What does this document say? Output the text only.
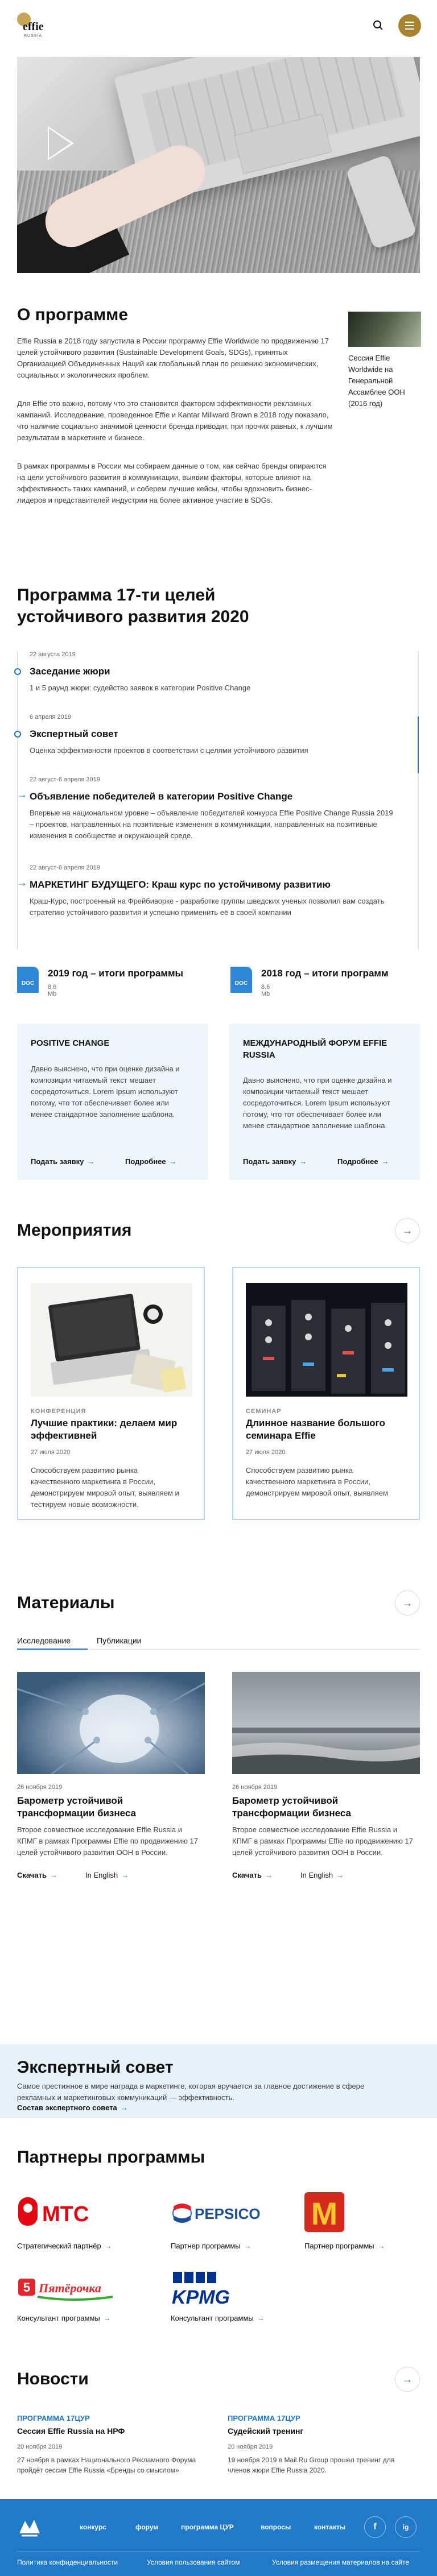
effie
RUSSIA
О программе
Effie Russia в 2018 году запустила в России программу Effie Worldwide по продвижению 17 целей устойчивого развития (Sustainable Development Goals, SDGs), принятых Организацией Объединенных Наций как глобальный план по решению экономических, социальных и экологических проблем.
Для Effie это важно, потому что это становится фактором эффективности рекламных кампаний. Исследование, проведенное Effie и Kantar Millward Brown в 2018 году показало, что наличие социально значимой ценности бренда приводит, при прочих равных, к лучшим результатам в маркетинге и бизнесе.
В рамках программы в России мы собираем данные о том, как сейчас бренды опираются на цели устойчивого развития в коммуникации, выявим факторы, которые влияют на эффективность таких кампаний, и соберем лучшие кейсы, чтобы вдохновить бизнес-лидеров и представителей индустрии на более активное участие в SDGs.
Сессия Effie Worldwide на Генеральной Ассамблее ООН (2016 год)
Программа 17-ти целей устойчивого развития 2020
22 августа 2019
Заседание жюри
1 и 5 раунд жюри: судейство заявок в категории Positive Change
6 апреля 2019
Экспертный совет
Оценка эффективности проектов в соответствии с целями устойчивого развития
22 август-6 апреля 2019
→ Объявление победителей в категории Positive Change
Впервые на национальном уровне – объявление победителей конкурса Effie Positive Change Russia 2019 – проектов, направленных на позитивные изменения в коммуникации, направленных на позитивные изменения в сообществе и окружающей среде.
22 август-6 апреля 2019
→ МАРКЕТИНГ БУДУЩЕГО: Краш курс по устойчивому развитию
Краш-Курс, построенный на Фрейбиворке - разработке группы шведских ученых позволил вам создать стратегию устойчивого развития и успешно применить её в своей компании
DOC
2019 год – итоги программы
8.6 Mb
DOC
2018 год – итоги программ
8.6 Mb
POSITIVE CHANGE
Давно выяснено, что при оценке дизайна и композиции читаемый текст мешает сосредоточиться. Lorem Ipsum используют потому, что тот обеспечивает более или менее стандартное заполнение шаблона.
Подать заявку →	Подробнее →
МЕЖДУНАРОДНЫЙ ФОРУМ EFFIE RUSSIA
Давно выяснено, что при оценке дизайна и композиции читаемый текст мешает сосредоточиться. Lorem Ipsum используют потому, что тот обеспечивает более или менее стандартное заполнение шаблона.
Подать заявку →	Подробнее →
Мероприятия	→
КОНФЕРЕНЦИЯ
Лучшие практики: делаем мир эффективней
27 июля 2020
Способствуем развитию рынка качественного маркетинга в России, демонстрируем мировой опыт, выявляем и тестируем новые возможности.
СЕМИНАР
Длинное название большого семинара Effie
27 июля 2020
Способствуем развитию рынка качественного маркетинга в России, демонстрируем мировой опыт, выявляем
Материалы	→
Исследование	Публикации
26 ноября 2019
Барометр устойчивой трансформации бизнеса
Второе совместное исследование Effie Russia и КПМГ в рамках Программы Effie по продвижению 17 целей устойчивого развития ООН в России.
Скачать →	In English →
26 ноября 2019
Барометр устойчивой трансформации бизнеса
Второе совместное исследование Effie Russia и КПМГ в рамках Программы Effie по продвижению 17 целей устойчивого развития ООН в России.
Скачать →	In English →
Экспертный совет
Самое престижное в мире награда в маркетинге, которая вручается за главное достижение в сфере рекламных и маркетинговых коммуникаций — эффективность.
Состав экспертного совета →
Партнеры программы
МТС
Стратегический партнёр →
PEPSICO
Партнер программы →
M
Партнер программы →
5 Пятёрочка
Консультант программы →
KPMG
Консультант программы →
Новости	→
ПРОГРАММА 17ЦУР
Сессия Effie Russia на НРФ
20 ноября 2019
27 ноября в рамках Национального Рекламного Форума пройдёт сессия Effie Russia «Бренды со смыслом»
ПРОГРАММА 17ЦУР
Судейский тренинг
20 ноября 2019
19 ноября 2019 в Mail.Ru Group прошел тренинг для членов жюри Effie Russia 2020.
конкурс	форум	программа ЦУР	вопросы	контакты	f	ig
Политика конфиденциальности	Условия пользования сайтом	Условия размещения материалов на сайте
